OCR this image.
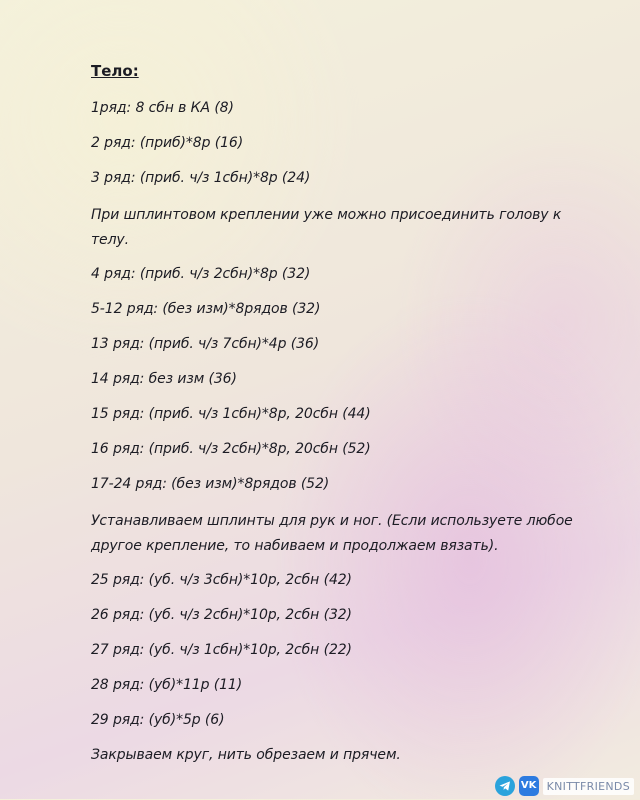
Тело:
1ряд: 8 сбн в КА (8)
2 ряд: (приб)*8р (16)
3 ряд: (приб. ч/з 1сбн)*8р (24)
При шплинтовом креплении уже можно присоединить голову к телу.
4 ряд: (приб. ч/з 2сбн)*8р (32)
5-12 ряд: (без изм)*8рядов (32)
13 ряд: (приб. ч/з 7сбн)*4р (36)
14 ряд: без изм (36)
15 ряд: (приб. ч/з 1сбн)*8р, 20сбн (44)
16 ряд: (приб. ч/з 2сбн)*8р, 20сбн (52)
17-24 ряд: (без изм)*8рядов (52)
Устанавливаем шплинты для рук и ног. (Если используете любое другое крепление, то набиваем и продолжаем вязать).
25 ряд: (уб. ч/з 3сбн)*10р, 2сбн (42)
26 ряд: (уб. ч/з 2сбн)*10р, 2сбн (32)
27 ряд: (уб. ч/з 1сбн)*10р, 2сбн (22)
28 ряд: (уб)*11р (11)
29 ряд: (уб)*5р (6)
Закрываем круг, нить обрезаем и прячем.
VK KNITTFRIENDS
